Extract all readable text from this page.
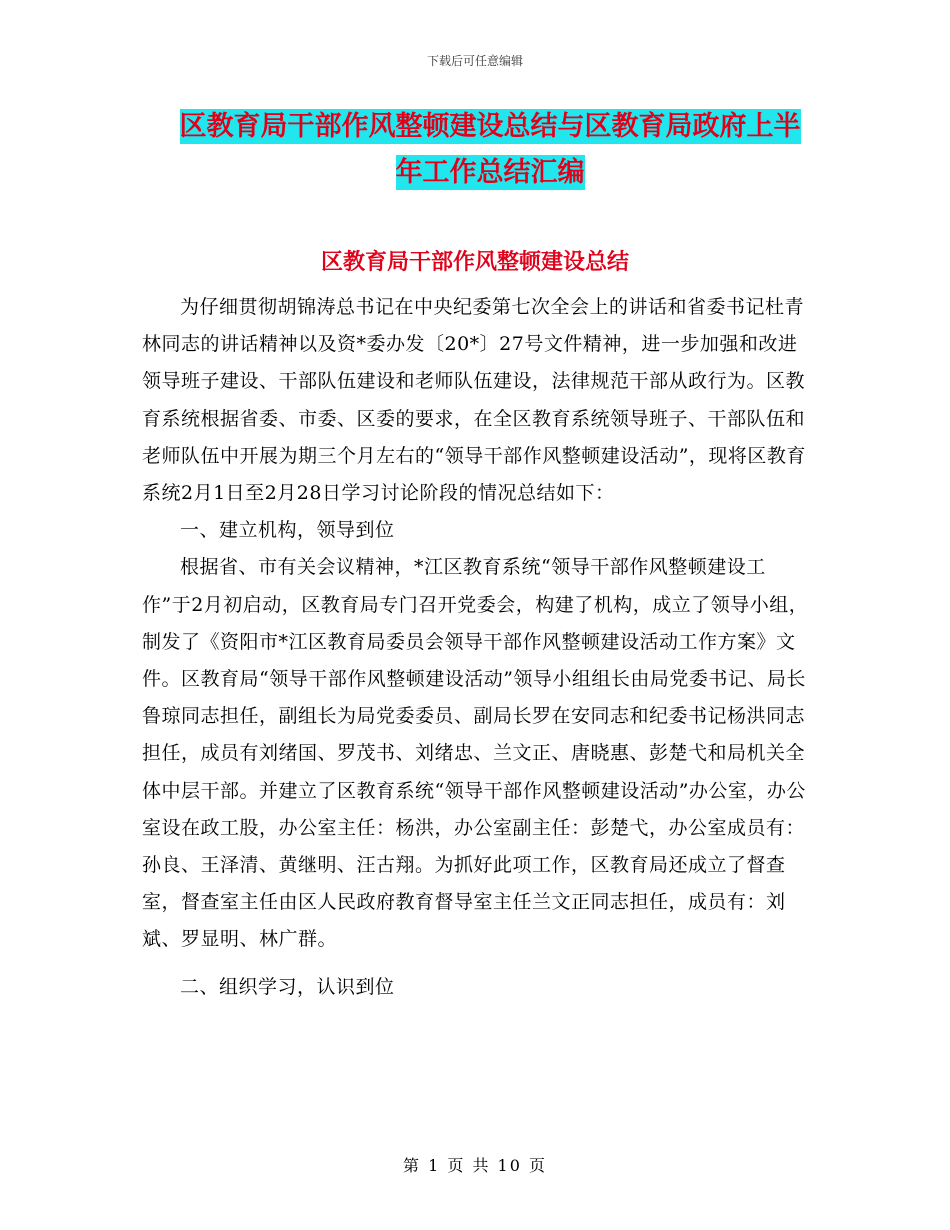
下载后可任意编辑
区教育局干部作风整顿建设总结与区教育局政府上半
年工作总结汇编
区教育局干部作风整顿建设总结

为仔细贯彻胡锦涛总书记在中央纪委第七次全会上的讲话和省委书记杜青林同志的讲话精神以及资*委办发〔20*〕27号文件精神，进一步加强和改进领导班子建设、干部队伍建设和老师队伍建设，法律规范干部从政行为。区教育系统根据省委、市委、区委的要求，在全区教育系统领导班子、干部队伍和老师队伍中开展为期三个月左右的“领导干部作风整顿建设活动”，现将区教育系统2月1日至2月28日学习讨论阶段的情况总结如下：

一、建立机构，领导到位

根据省、市有关会议精神，*江区教育系统“领导干部作风整顿建设工作”于2月初启动，区教育局专门召开党委会，构建了机构，成立了领导小组，制发了《资阳市*江区教育局委员会领导干部作风整顿建设活动工作方案》文件。区教育局“领导干部作风整顿建设活动”领导小组组长由局党委书记、局长鲁琼同志担任，副组长为局党委委员、副局长罗在安同志和纪委书记杨洪同志担任，成员有刘绪国、罗茂书、刘绪忠、兰文正、唐晓惠、彭楚弋和局机关全体中层干部。并建立了区教育系统“领导干部作风整顿建设活动”办公室，办公室设在政工股，办公室主任：杨洪，办公室副主任：彭楚弋，办公室成员有：孙良、王泽清、黄继明、汪古翔。为抓好此项工作，区教育局还成立了督查室，督查室主任由区人民政府教育督导室主任兰文正同志担任，成员有：刘斌、罗显明、林广群。

二、组织学习，认识到位

第 1 页 共 10 页
